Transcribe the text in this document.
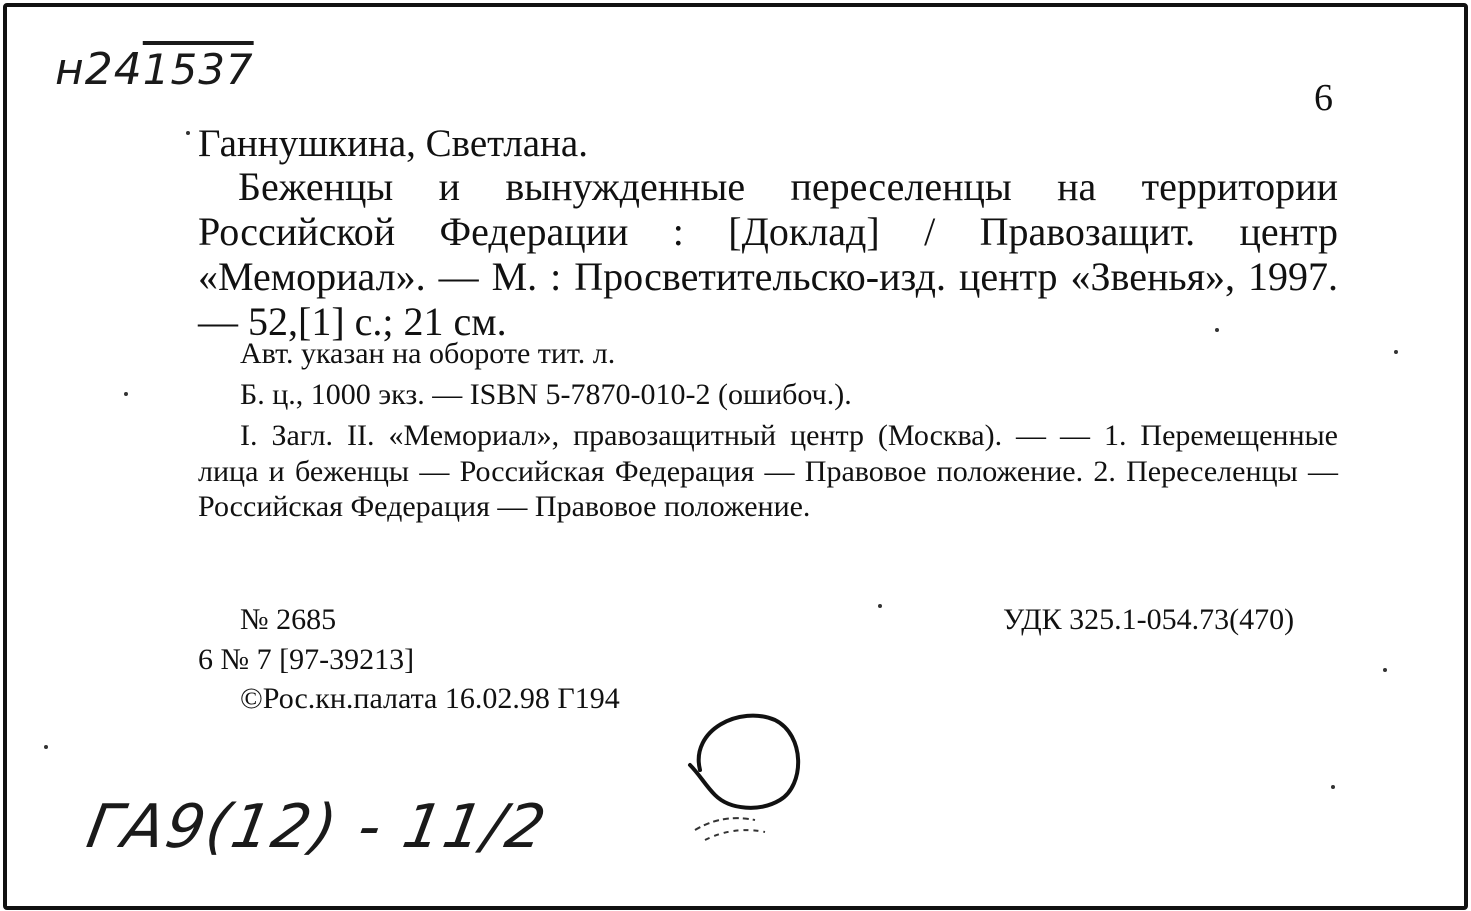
н241537
6
Ганнушкина, Светлана.
Беженцы и вынужденные переселенцы на территории Российской Федерации : [Доклад] / Правозащит. центр «Мемориал». — М. : Просветительско-изд. центр «Звенья», 1997. — 52,[1] с.; 21 см.
Авт. указан на обороте тит. л.
Б. ц., 1000 экз. — ISBN 5-7870-010-2 (ошибоч.).
I. Загл. II. «Мемориал», правозащитный центр (Москва). — — 1. Перемещенные лица и беженцы — Российская Федерация — Правовое положение. 2. Переселенцы — Российская Федерация — Правовое положение.
№ 2685	УДК 325.1-054.73(470)
6 № 7 [97-39213]
©Рос.кн.палата 16.02.98 Г194
ГА9(12) - 11/2
